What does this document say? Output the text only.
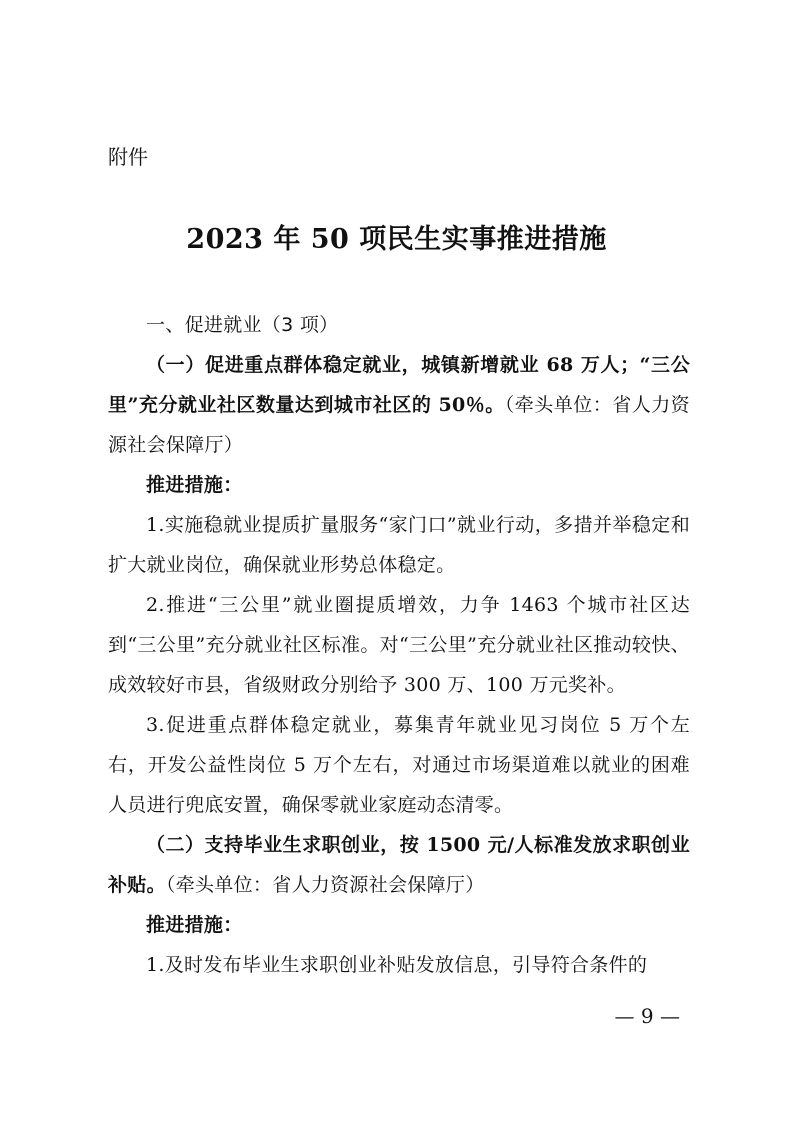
附件
2023 年 50 项民生实事推进措施

一、促进就业（3 项）

（一）促进重点群体稳定就业，城镇新增就业 68 万人；“三公里”充分就业社区数量达到城市社区的 50％。（牵头单位：省人力资源社会保障厅）

推进措施：

1.实施稳就业提质扩量服务“家门口”就业行动，多措并举稳定和扩大就业岗位，确保就业形势总体稳定。

2.推进“三公里”就业圈提质增效，力争 1463 个城市社区达到“三公里”充分就业社区标准。对“三公里”充分就业社区推动较快、成效较好市县，省级财政分别给予 300 万、100 万元奖补。

3.促进重点群体稳定就业，募集青年就业见习岗位 5 万个左右，开发公益性岗位 5 万个左右，对通过市场渠道难以就业的困难人员进行兜底安置，确保零就业家庭动态清零。

（二）支持毕业生求职创业，按 1500 元/人标准发放求职创业补贴。（牵头单位：省人力资源社会保障厅）

推进措施：

1.及时发布毕业生求职创业补贴发放信息，引导符合条件的

— 9 —
